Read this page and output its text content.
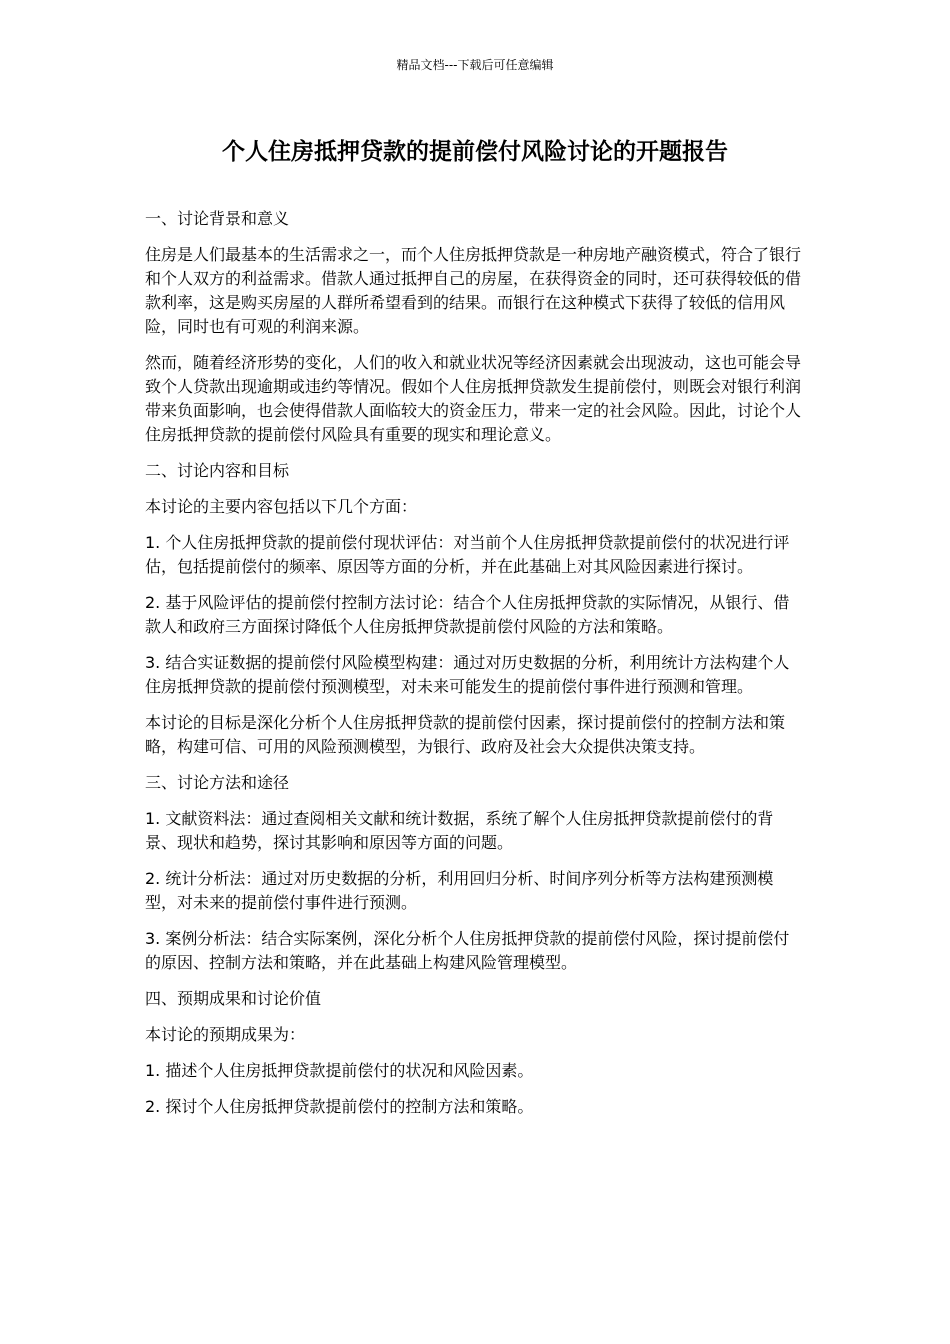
精品文档---下载后可任意编辑
个人住房抵押贷款的提前偿付风险讨论的开题报告

一、讨论背景和意义

住房是人们最基本的生活需求之一，而个人住房抵押贷款是一种房地产融资模式，符合了银行和个人双方的利益需求。借款人通过抵押自己的房屋，在获得资金的同时，还可获得较低的借款利率，这是购买房屋的人群所希望看到的结果。而银行在这种模式下获得了较低的信用风险，同时也有可观的利润来源。

然而，随着经济形势的变化，人们的收入和就业状况等经济因素就会出现波动，这也可能会导致个人贷款出现逾期或违约等情况。假如个人住房抵押贷款发生提前偿付，则既会对银行利润带来负面影响，也会使得借款人面临较大的资金压力，带来一定的社会风险。因此，讨论个人住房抵押贷款的提前偿付风险具有重要的现实和理论意义。

二、讨论内容和目标

本讨论的主要内容包括以下几个方面：

1. 个人住房抵押贷款的提前偿付现状评估：对当前个人住房抵押贷款提前偿付的状况进行评估，包括提前偿付的频率、原因等方面的分析，并在此基础上对其风险因素进行探讨。

2. 基于风险评估的提前偿付控制方法讨论：结合个人住房抵押贷款的实际情况，从银行、借款人和政府三方面探讨降低个人住房抵押贷款提前偿付风险的方法和策略。

3. 结合实证数据的提前偿付风险模型构建：通过对历史数据的分析，利用统计方法构建个人住房抵押贷款的提前偿付预测模型，对未来可能发生的提前偿付事件进行预测和管理。

本讨论的目标是深化分析个人住房抵押贷款的提前偿付因素，探讨提前偿付的控制方法和策略，构建可信、可用的风险预测模型，为银行、政府及社会大众提供决策支持。

三、讨论方法和途径

1. 文献资料法：通过查阅相关文献和统计数据，系统了解个人住房抵押贷款提前偿付的背景、现状和趋势，探讨其影响和原因等方面的问题。

2. 统计分析法：通过对历史数据的分析，利用回归分析、时间序列分析等方法构建预测模型，对未来的提前偿付事件进行预测。

3. 案例分析法：结合实际案例，深化分析个人住房抵押贷款的提前偿付风险，探讨提前偿付的原因、控制方法和策略，并在此基础上构建风险管理模型。

四、预期成果和讨论价值

本讨论的预期成果为：

1. 描述个人住房抵押贷款提前偿付的状况和风险因素。

2. 探讨个人住房抵押贷款提前偿付的控制方法和策略。
